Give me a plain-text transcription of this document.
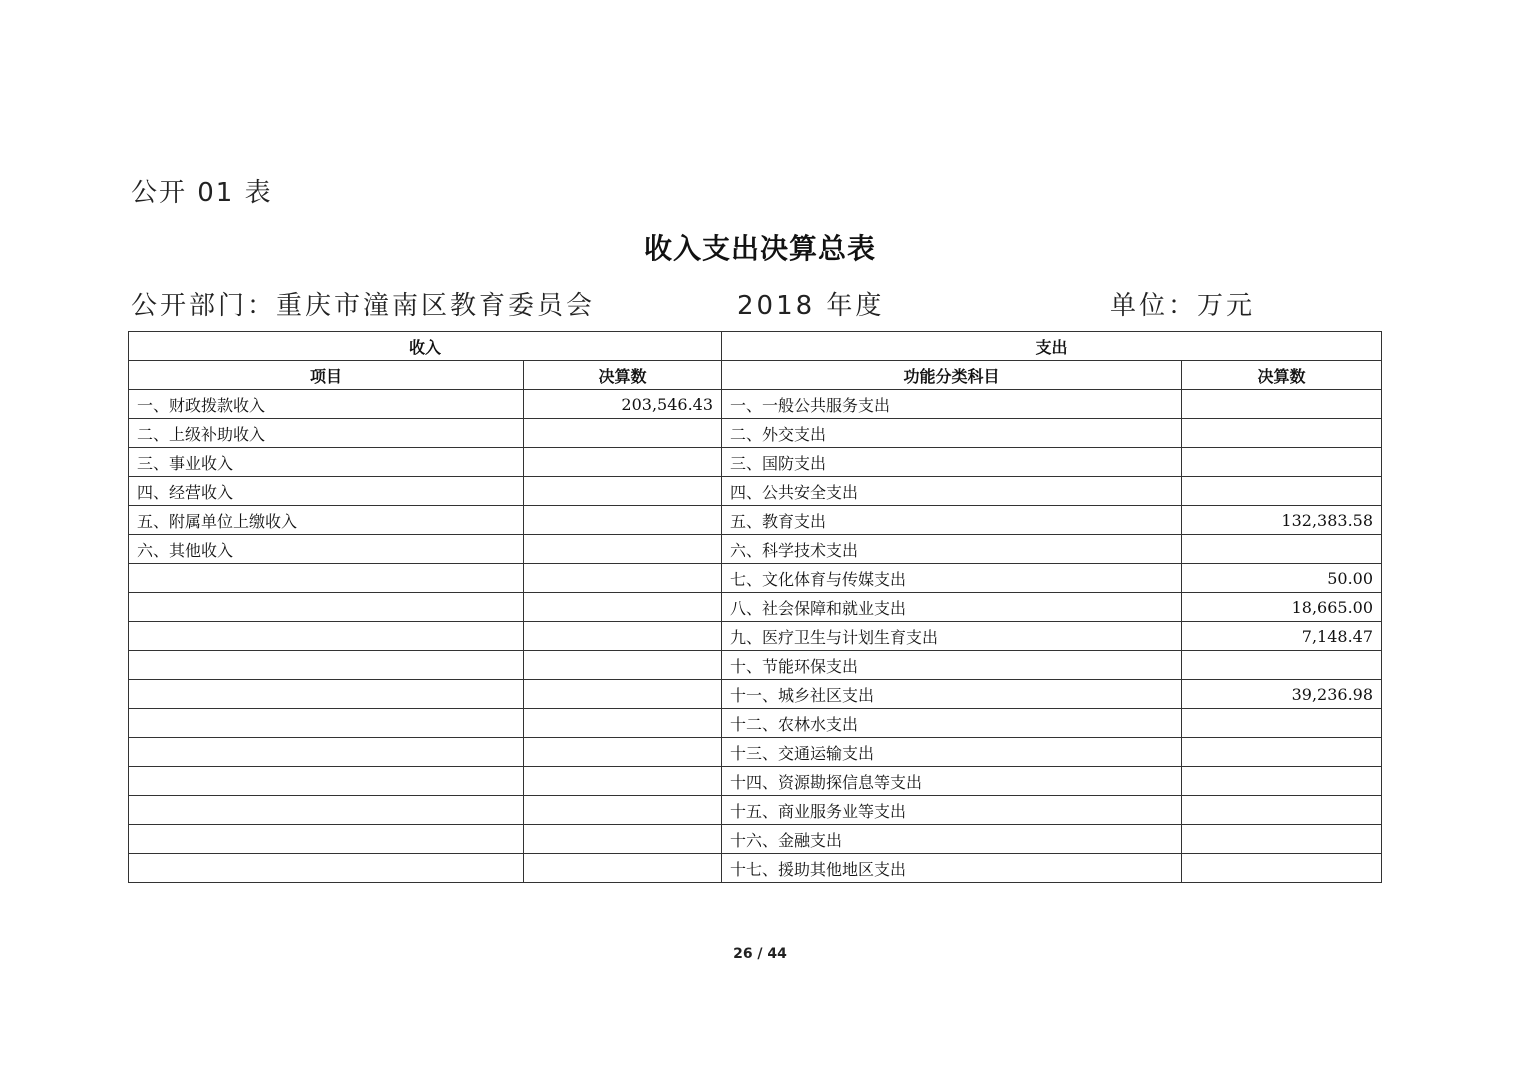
公开 01 表
收入支出决算总表
公开部门：重庆市潼南区教育委员会	2018 年度	单位：万元
收入		支出	
项目	决算数	功能分类科目	决算数
一、财政拨款收入	203,546.43	一、一般公共服务支出	
二、上级补助收入		二、外交支出	
三、事业收入		三、国防支出	
四、经营收入		四、公共安全支出	
五、附属单位上缴收入		五、教育支出	132,383.58
六、其他收入		六、科学技术支出	
		七、文化体育与传媒支出	50.00
		八、社会保障和就业支出	18,665.00
		九、医疗卫生与计划生育支出	7,148.47
		十、节能环保支出	
		十一、城乡社区支出	39,236.98
		十二、农林水支出	
		十三、交通运输支出	
		十四、资源勘探信息等支出	
		十五、商业服务业等支出	
		十六、金融支出	
		十七、援助其他地区支出	
26 / 44
